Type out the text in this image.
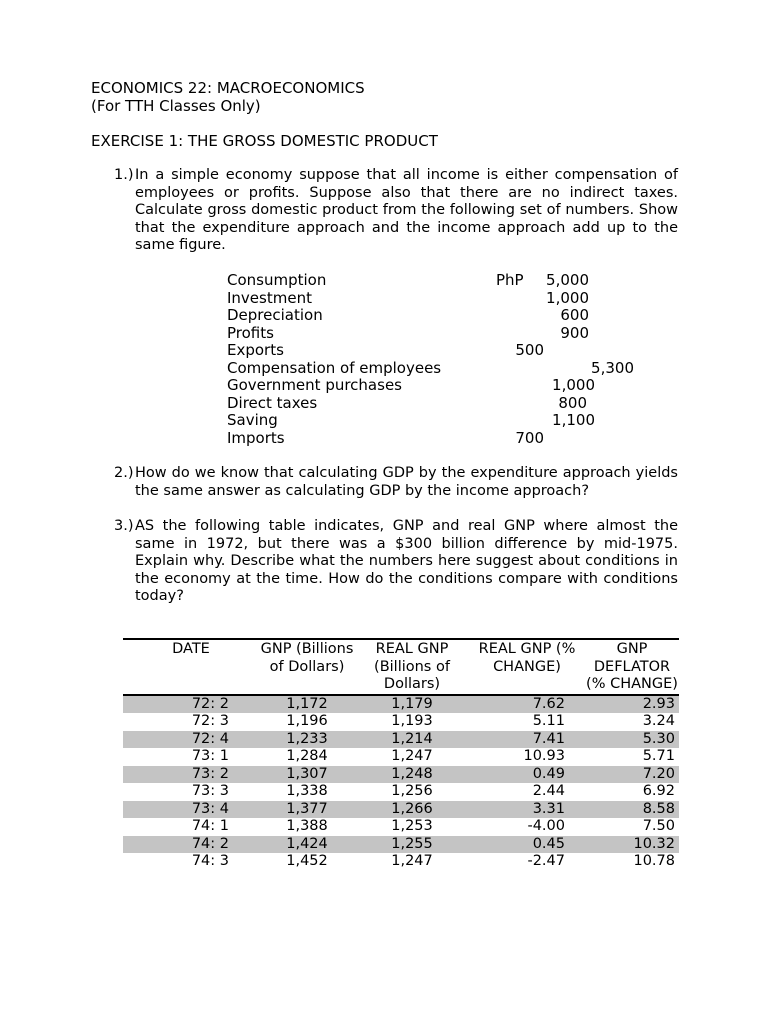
ECONOMICS 22: MACROECONOMICS
(For TTH Classes Only)
EXERCISE 1: THE GROSS DOMESTIC PRODUCT
1.) In a simple economy suppose that all income is either compensation of employees or profits. Suppose also that there are no indirect taxes. Calculate gross domestic product from the following set of numbers. Show that the expenditure approach and the income approach add up to the same figure.
Consumption	PhP 5,000
Investment	1,000
Depreciation	600
Profits	900
Exports	500
Compensation of employees	5,300
Government purchases	1,000
Direct taxes	800
Saving	1,100
Imports	700
2.) How do we know that calculating GDP by the expenditure approach yields the same answer as calculating GDP by the income approach?
3.) AS the following table indicates, GNP and real GNP where almost the same in 1972, but there was a $300 billion difference by mid-1975. Explain why. Describe what the numbers here suggest about conditions in the economy at the time. How do the conditions compare with conditions today?
DATE	GNP (Billions of Dollars)	REAL GNP (Billions of Dollars)	REAL GNP (% CHANGE)	GNP DEFLATOR (% CHANGE)
72: 2	1,172	1,179	7.62	2.93
72: 3	1,196	1,193	5.11	3.24
72: 4	1,233	1,214	7.41	5.30
73: 1	1,284	1,247	10.93	5.71
73: 2	1,307	1,248	0.49	7.20
73: 3	1,338	1,256	2.44	6.92
73: 4	1,377	1,266	3.31	8.58
74: 1	1,388	1,253	-4.00	7.50
74: 2	1,424	1,255	0.45	10.32
74: 3	1,452	1,247	-2.47	10.78
